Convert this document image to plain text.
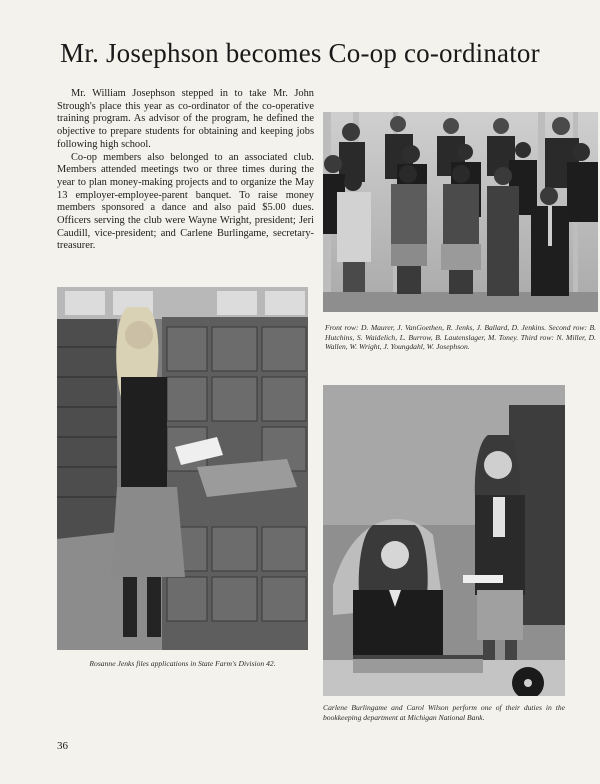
Mr. Josephson becomes Co-op co-ordinator

Mr. William Josephson stepped in to take Mr. John Strough's place this year as co-ordinator of the co-operative training program. As advisor of the program, he defined the objective to prepare students for obtaining and keeping jobs following high school.

Co-op members also belonged to an associated club. Members attended meetings two or three times during the year to plan money-making projects and to organize the May 13 employer-employee-parent banquet. To raise money members sponsored a dance and also paid $5.00 dues. Officers serving the club were Wayne Wright, president; Jeri Caudill, vice-president; and Carlene Burlingame, secretary-treasurer.

Front row: D. Maurer, J. VanGoethen, R. Jenks, J. Ballard, D. Jenkins. Second row: B. Hutchins, S. Waidelich, L. Burrow, B. Lautenslager, M. Toney. Third row: N. Miller, D. Wallen, W. Wright, J. Youngdahl, W. Josephson.
Rosanne Jenks files applications in State Farm's Division 42.
Carlene Burlingame and Carol Wilson perform one of their duties in the bookkeeping department at Michigan National Bank.
36
